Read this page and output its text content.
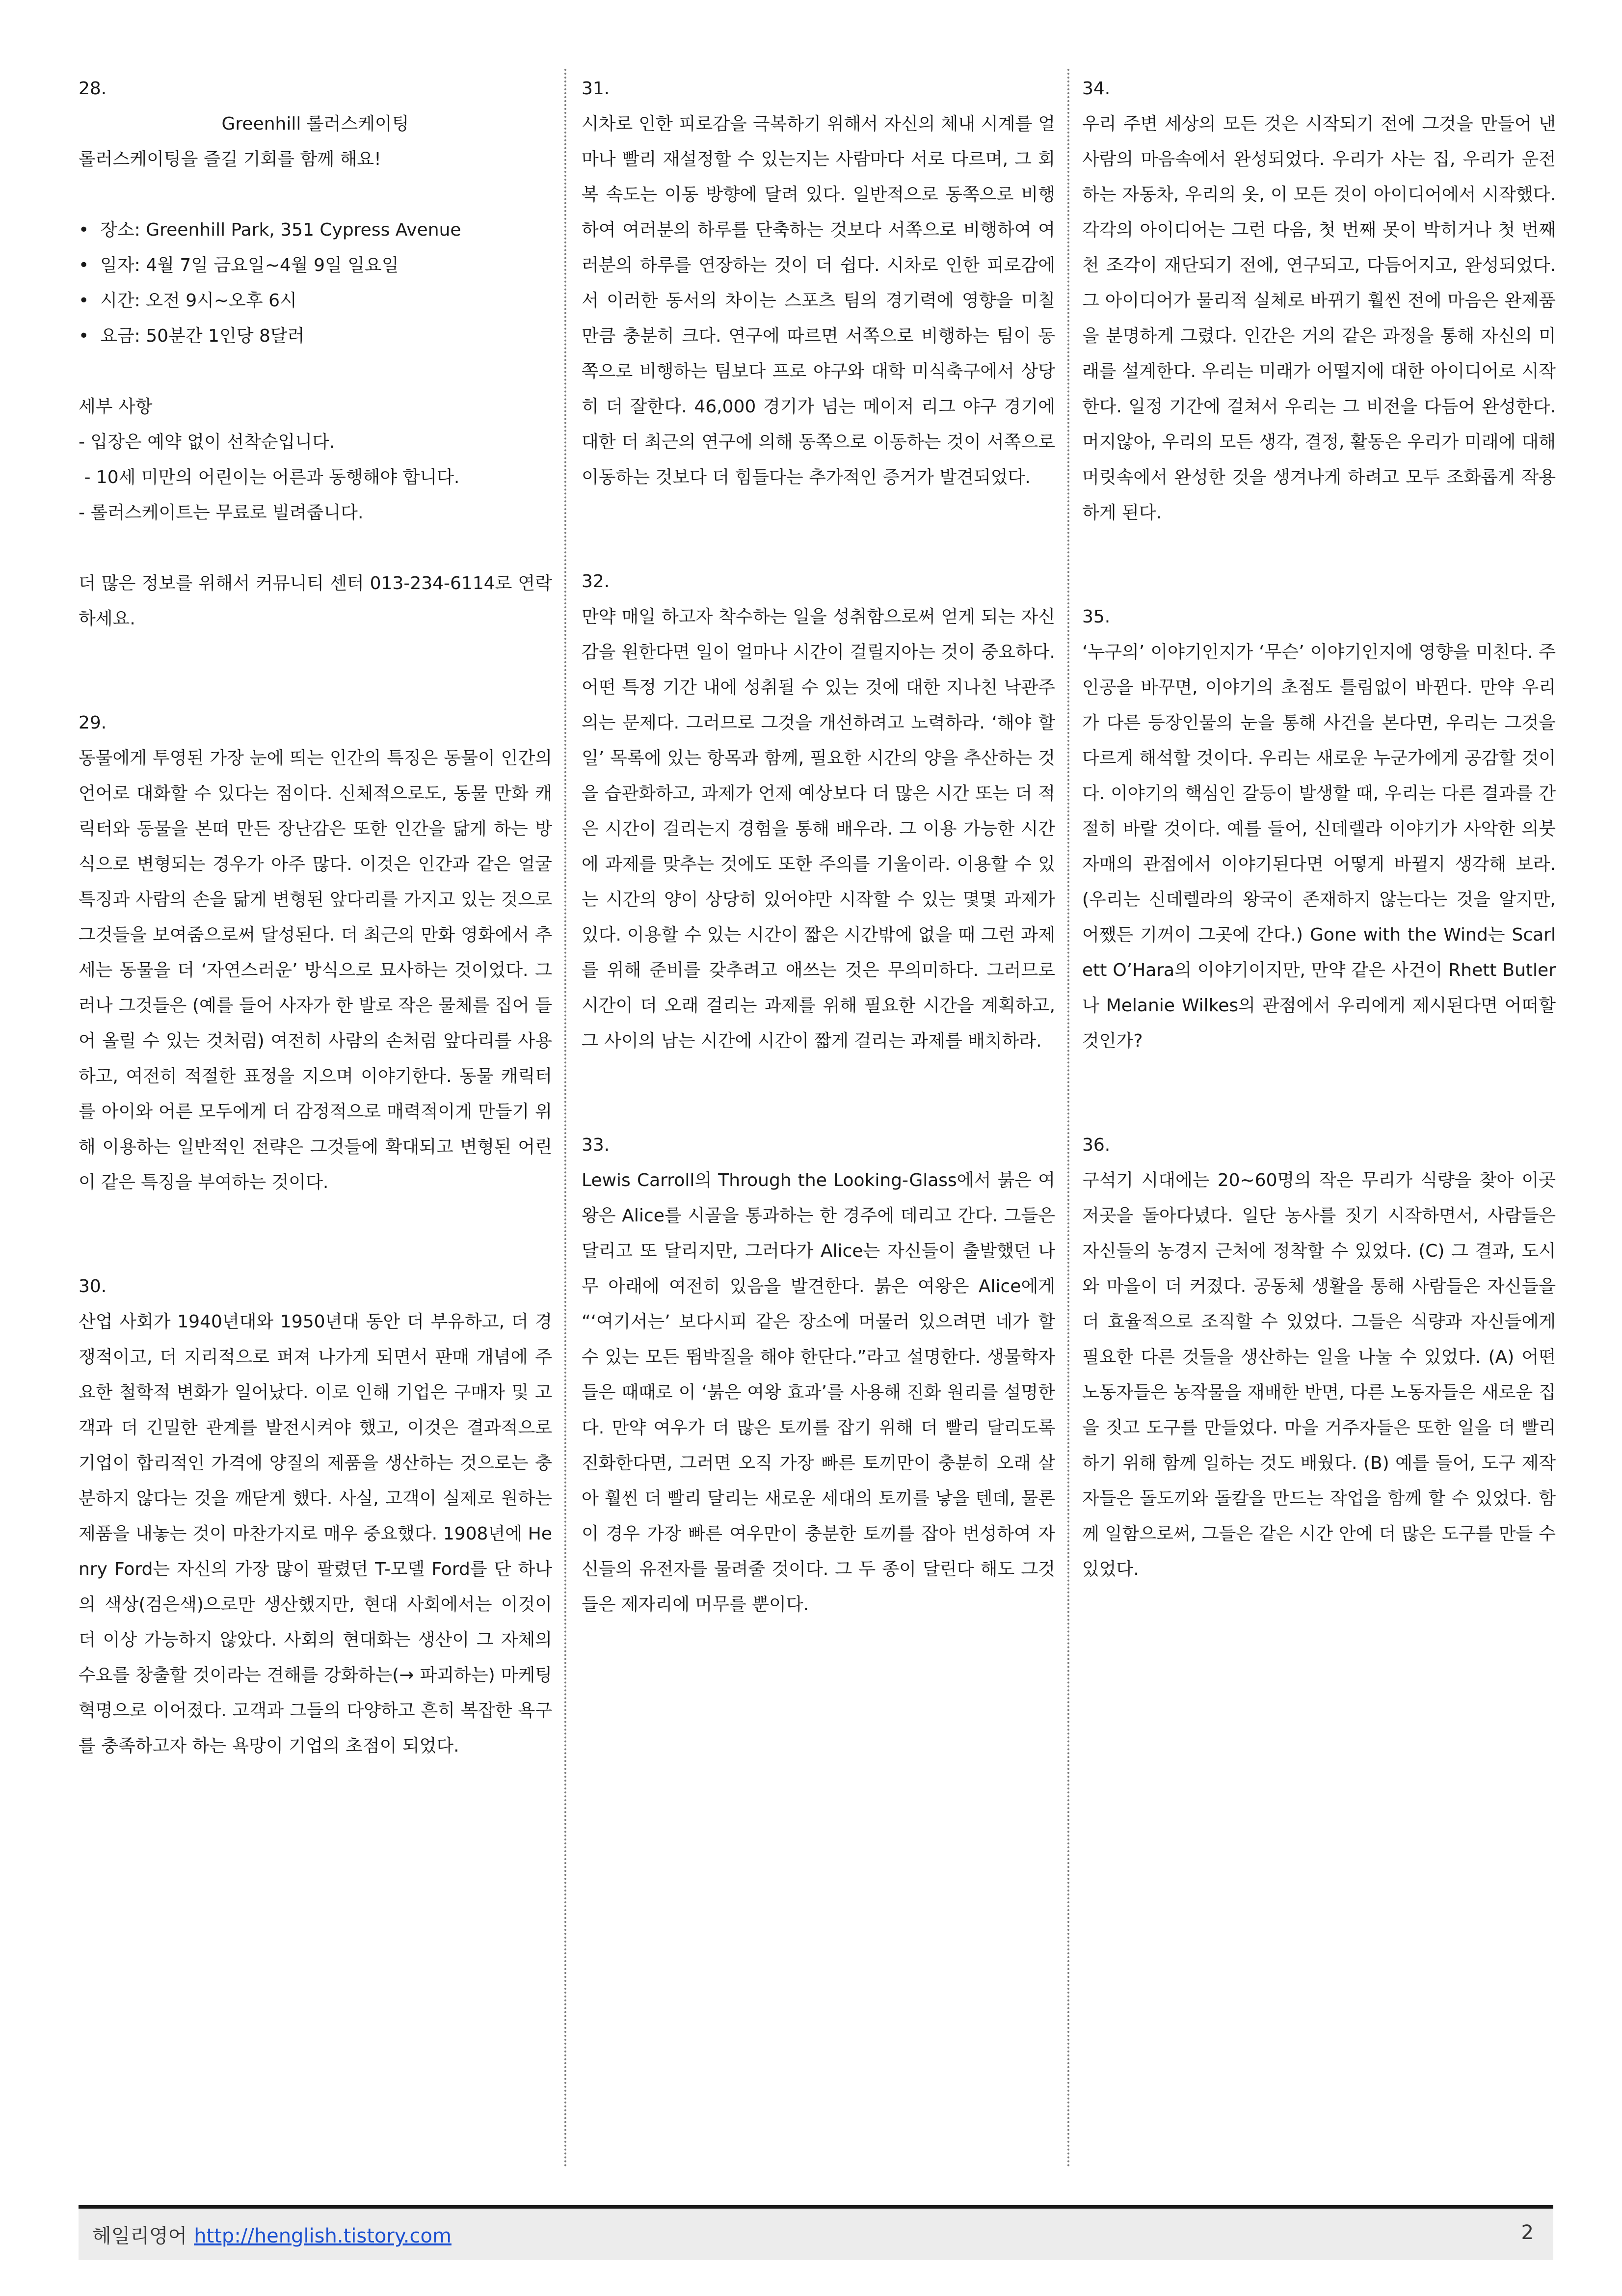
28.

Greenhill 롤러스케이팅

롤러스케이팅을 즐길 기회를 함께 해요!

•  장소: Greenhill Park, 351 Cypress Avenue

•  일자: 4월 7일 금요일~4월 9일 일요일

•  시간: 오전 9시~오후 6시

•  요금: 50분간 1인당 8달러

세부 사항

- 입장은 예약 없이 선착순입니다.

- 10세 미만의 어린이는 어른과 동행해야 합니다.

- 롤러스케이트는 무료로 빌려줍니다.

더 많은 정보를 위해서 커뮤니티 센터 013-234-6114로 연락하세요.

29.

동물에게 투영된 가장 눈에 띄는 인간의 특징은 동물이 인간의 언어로 대화할 수 있다는 점이다. 신체적으로도, 동물 만화 캐릭터와 동물을 본떠 만든 장난감은 또한 인간을 닮게 하는 방식으로 변형되는 경우가 아주 많다. 이것은 인간과 같은 얼굴 특징과 사람의 손을 닮게 변형된 앞다리를 가지고 있는 것으로 그것들을 보여줌으로써 달성된다. 더 최근의 만화 영화에서 추세는 동물을 더 ‘자연스러운’ 방식으로 묘사하는 것이었다. 그러나 그것들은 (예를 들어 사자가 한 발로 작은 물체를 집어 들어 올릴 수 있는 것처럼) 여전히 사람의 손처럼 앞다리를 사용하고, 여전히 적절한 표정을 지으며 이야기한다. 동물 캐릭터를 아이와 어른 모두에게 더 감정적으로 매력적이게 만들기 위해 이용하는 일반적인 전략은 그것들에 확대되고 변형된 어린이 같은 특징을 부여하는 것이다.

30.

산업 사회가 1940년대와 1950년대 동안 더 부유하고, 더 경쟁적이고, 더 지리적으로 퍼져 나가게 되면서 판매 개념에 주요한 철학적 변화가 일어났다. 이로 인해 기업은 구매자 및 고객과 더 긴밀한 관계를 발전시켜야 했고, 이것은 결과적으로 기업이 합리적인 가격에 양질의 제품을 생산하는 것으로는 충분하지 않다는 것을 깨닫게 했다. 사실, 고객이 실제로 원하는 제품을 내놓는 것이 마찬가지로 매우 중요했다. 1908년에 Henry Ford는 자신의 가장 많이 팔렸던 T-모델 Ford를 단 하나의 색상(검은색)으로만 생산했지만, 현대 사회에서는 이것이 더 이상 가능하지 않았다. 사회의 현대화는 생산이 그 자체의 수요를 창출할 것이라는 견해를 강화하는(→ 파괴하는) 마케팅 혁명으로 이어졌다. 고객과 그들의 다양하고 흔히 복잡한 욕구를 충족하고자 하는 욕망이 기업의 초점이 되었다.

31.

시차로 인한 피로감을 극복하기 위해서 자신의 체내 시계를 얼마나 빨리 재설정할 수 있는지는 사람마다 서로 다르며, 그 회복 속도는 이동 방향에 달려 있다. 일반적으로 동쪽으로 비행하여 여러분의 하루를 단축하는 것보다 서쪽으로 비행하여 여러분의 하루를 연장하는 것이 더 쉽다. 시차로 인한 피로감에서 이러한 동서의 차이는 스포츠 팀의 경기력에 영향을 미칠 만큼 충분히 크다. 연구에 따르면 서쪽으로 비행하는 팀이 동쪽으로 비행하는 팀보다 프로 야구와 대학 미식축구에서 상당히 더 잘한다. 46,000 경기가 넘는 메이저 리그 야구 경기에 대한 더 최근의 연구에 의해 동쪽으로 이동하는 것이 서쪽으로 이동하는 것보다 더 힘들다는 추가적인 증거가 발견되었다.

32.

만약 매일 하고자 착수하는 일을 성취함으로써 얻게 되는 자신감을 원한다면 일이 얼마나 시간이 걸릴지아는 것이 중요하다. 어떤 특정 기간 내에 성취될 수 있는 것에 대한 지나친 낙관주의는 문제다. 그러므로 그것을 개선하려고 노력하라. ‘해야 할 일’ 목록에 있는 항목과 함께, 필요한 시간의 양을 추산하는 것을 습관화하고, 과제가 언제 예상보다 더 많은 시간 또는 더 적은 시간이 걸리는지 경험을 통해 배우라. 그 이용 가능한 시간에 과제를 맞추는 것에도 또한 주의를 기울이라. 이용할 수 있는 시간의 양이 상당히 있어야만 시작할 수 있는 몇몇 과제가 있다. 이용할 수 있는 시간이 짧은 시간밖에 없을 때 그런 과제를 위해 준비를 갖추려고 애쓰는 것은 무의미하다. 그러므로 시간이 더 오래 걸리는 과제를 위해 필요한 시간을 계획하고, 그 사이의 남는 시간에 시간이 짧게 걸리는 과제를 배치하라.

33.

Lewis Carroll의 Through the Looking-Glass에서 붉은 여왕은 Alice를 시골을 통과하는 한 경주에 데리고 간다. 그들은 달리고 또 달리지만, 그러다가 Alice는 자신들이 출발했던 나무 아래에 여전히 있음을 발견한다. 붉은 여왕은 Alice에게 “‘여기서는’ 보다시피 같은 장소에 머물러 있으려면 네가 할 수 있는 모든 뜀박질을 해야 한단다.”라고 설명한다. 생물학자들은 때때로 이 ‘붉은 여왕 효과’를 사용해 진화 원리를 설명한다. 만약 여우가 더 많은 토끼를 잡기 위해 더 빨리 달리도록 진화한다면, 그러면 오직 가장 빠른 토끼만이 충분히 오래 살아 훨씬 더 빨리 달리는 새로운 세대의 토끼를 낳을 텐데, 물론 이 경우 가장 빠른 여우만이 충분한 토끼를 잡아 번성하여 자신들의 유전자를 물려줄 것이다. 그 두 종이 달린다 해도 그것들은 제자리에 머무를 뿐이다.

34.

우리 주변 세상의 모든 것은 시작되기 전에 그것을 만들어 낸 사람의 마음속에서 완성되었다. 우리가 사는 집, 우리가 운전하는 자동차, 우리의 옷, 이 모든 것이 아이디어에서 시작했다. 각각의 아이디어는 그런 다음, 첫 번째 못이 박히거나 첫 번째 천 조각이 재단되기 전에, 연구되고, 다듬어지고, 완성되었다. 그 아이디어가 물리적 실체로 바뀌기 훨씬 전에 마음은 완제품을 분명하게 그렸다. 인간은 거의 같은 과정을 통해 자신의 미래를 설계한다. 우리는 미래가 어떨지에 대한 아이디어로 시작한다. 일정 기간에 걸쳐서 우리는 그 비전을 다듬어 완성한다. 머지않아, 우리의 모든 생각, 결정, 활동은 우리가 미래에 대해 머릿속에서 완성한 것을 생겨나게 하려고 모두 조화롭게 작용하게 된다.

35.

‘누구의’ 이야기인지가 ‘무슨’ 이야기인지에 영향을 미친다. 주인공을 바꾸면, 이야기의 초점도 틀림없이 바뀐다. 만약 우리가 다른 등장인물의 눈을 통해 사건을 본다면, 우리는 그것을 다르게 해석할 것이다. 우리는 새로운 누군가에게 공감할 것이다. 이야기의 핵심인 갈등이 발생할 때, 우리는 다른 결과를 간절히 바랄 것이다. 예를 들어, 신데렐라 이야기가 사악한 의붓자매의 관점에서 이야기된다면 어떻게 바뀔지 생각해 보라. (우리는 신데렐라의 왕국이 존재하지 않는다는 것을 알지만, 어쨌든 기꺼이 그곳에 간다.) Gone with the Wind는 Scarlett O’Hara의 이야기이지만, 만약 같은 사건이 Rhett Butler나 Melanie Wilkes의 관점에서 우리에게 제시된다면 어떠할 것인가?

36.

구석기 시대에는 20~60명의 작은 무리가 식량을 찾아 이곳저곳을 돌아다녔다. 일단 농사를 짓기 시작하면서, 사람들은 자신들의 농경지 근처에 정착할 수 있었다. (C) 그 결과, 도시와 마을이 더 커졌다. 공동체 생활을 통해 사람들은 자신들을 더 효율적으로 조직할 수 있었다. 그들은 식량과 자신들에게 필요한 다른 것들을 생산하는 일을 나눌 수 있었다. (A) 어떤 노동자들은 농작물을 재배한 반면, 다른 노동자들은 새로운 집을 짓고 도구를 만들었다. 마을 거주자들은 또한 일을 더 빨리 하기 위해 함께 일하는 것도 배웠다. (B) 예를 들어, 도구 제작자들은 돌도끼와 돌칼을 만드는 작업을 함께 할 수 있었다. 함께 일함으로써, 그들은 같은 시간 안에 더 많은 도구를 만들 수 있었다.

헤일리영어 http://henglish.tistory.com	2
